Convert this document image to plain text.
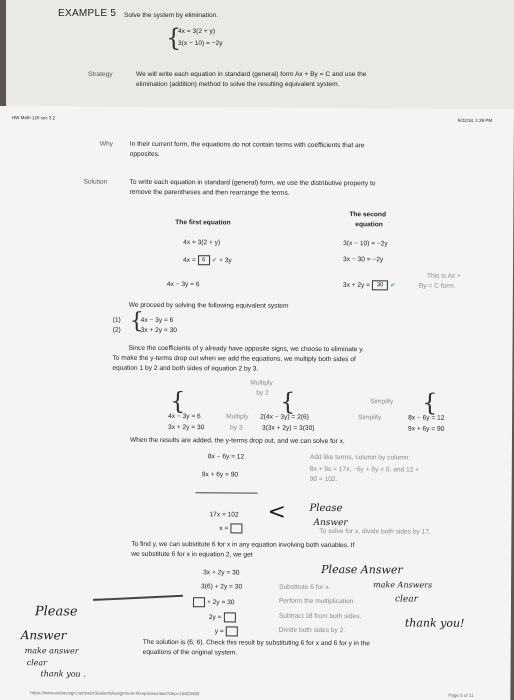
EXAMPLE 5 Solve the system by elimination.
{
4x = 3(2 + y)
3(x − 10) = −2y
Strategy	We will write each equation in standard (general) form Ax + By = C and use the
elimination (addition) method to solve the resulting equivalent system.
HW Math 120 sec 3.2
6/22/18, 1:39 PM
Why	In their current form, the equations do not contain terms with coefficients that are
opposites.
Solution	To write each equation in standard (general) form, we use the distributive property to
remove the parentheses and then rearrange the terms.
The first equation
The second
equation
4x = 3(2 + y)
4x = 6 ✔ + 3y
4x − 3y = 6
3(x − 10) = −2y
3x − 30 = −2y
3x + 2y = 30 ✔
This is Ax +
By = C form.
We proceed by solving the following equivalent system
(1)
(2) {
4x − 3y = 6
3x + 2y = 30
Since the coefficients of y already have opposite signs, we choose to eliminate y.
To make the y-terms drop out when we add the equations, we multiply both sides of
equation 1 by 2 and both sides of equation 2 by 3.
Multiply
by 2
Simplify
{	{	{
4x − 3y = 6	Multiply 2(4x − 3y) = 2(6)	Simplify	8x − 6y = 12
3x + 2y = 30	by 3	3(3x + 2y) = 3(30)	9x + 6y = 90
When the results are added, the y-terms drop out, and we can solve for x.
8x − 6y = 12	Add like terms, column by column:
8x + 9x = 17x, −6y + 6y = 0, and 12 +
90 = 102.
9x + 6y = 90
17x = 102
x =	To solve for x, divide both sides by 17.
To find y, we can substitute 6 for x in any equation involving both variables. If
we substitute 6 for x in equation 2, we get
3x + 2y = 30
3(6) + 2y = 30	Substitute 6 for x.
+ 2y = 30	Perform the multiplication.
2y =	Subtract 18 from both sides.
y =	Divide both sides by 2.
The solution is (6, 6). Check this result by substituting 6 for x and 6 for y in the
equations of the original system.
Please
Answer
<
Please Answer
make Answers
clear
thank you!
Please
Answer
make answer
clear
thank you .
https://www.webassign.net/web/Student/Assignment-Responses/last?dep=18823460	Page 5 of 11
